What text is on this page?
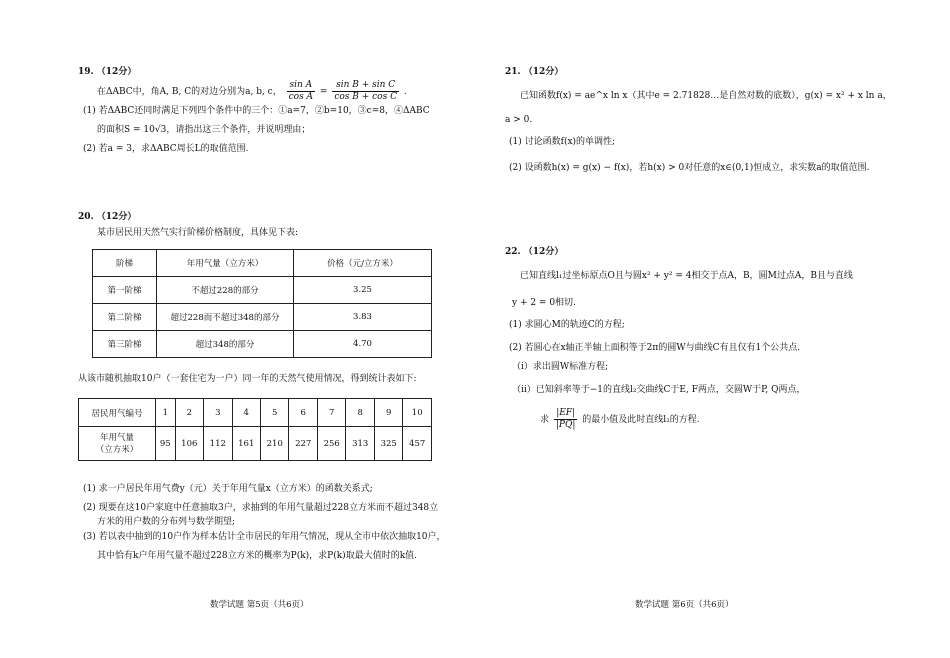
19. （12分）
在ΔABC中，角A, B, C的对边分别为a, b, c， $\frac{\text{sin A}}{\text{cos A}} = \frac{\text{sin B + sin C}}{\text{cos B + cos C}}$ .
(1) 若ΔABC还同时满足下列四个条件中的三个：①a=7，②b=10，③c=8，④ΔABC
的面积S = 10√3，请指出这三个条件，并说明理由；
(2) 若a = 3，求ΔABC周长L的取值范围.
20. （12分）
某市居民用天然气实行阶梯价格制度，具体见下表:
阶梯	年用气量（立方米）	价格（元/立方米）
第一阶梯	不超过228的部分	3.25
第二阶梯	超过228而不超过348的部分	3.83
第三阶梯	超过348的部分	4.70
从该市随机抽取10户（一套住宅为一户）同一年的天然气使用情况，得到统计表如下:
居民用气编号	1	2	3	4	5	6	7	8	9	10

年用气量
（立方米）	95	106	112	161	210	227	256	313	325	457
(1) 求一户居民年用气费y（元）关于年用气量x（立方米）的函数关系式;
(2) 现要在这10户家庭中任意抽取3户，求抽到的年用气量超过228立方米而不超过348立
方米的用户数的分布列与数学期望;
(3) 若以表中抽到的10户作为样本估计全市居民的年用气情况，现从全市中依次抽取10户，
其中恰有k户年用气量不超过228立方米的概率为P(k)，求P(k)取最大值时的k值.
数学试题 第5页（共6页）
21. （12分）
已知函数f(x) = ae^x ln x（其中e = 2.71828…是自然对数的底数），g(x) = x² + x ln a，
a > 0.
(1) 讨论函数f(x)的单调性;
(2) 设函数h(x) = g(x) − f(x)，若h(x) > 0对任意的x∈(0,1)恒成立，求实数a的取值范围.
22. （12分）
已知直线l₁过坐标原点O且与圆x² + y² = 4相交于点A，B，圆M过点A，B且与直线
y + 2 = 0相切.
(1) 求圆心M的轨迹C的方程;
(2) 若圆心在x轴正半轴上面积等于2π的圆W与曲线C有且仅有1个公共点.
（ⅰ）求出圆W标准方程;
（ⅱ）已知斜率等于−1的直线l₂交曲线C于E, F两点，交圆W于P, Q两点，
求 $\frac{|EF|}{|PQ|}$ 的最小值及此时直线l₂的方程.
数学试题 第6页（共6页）
